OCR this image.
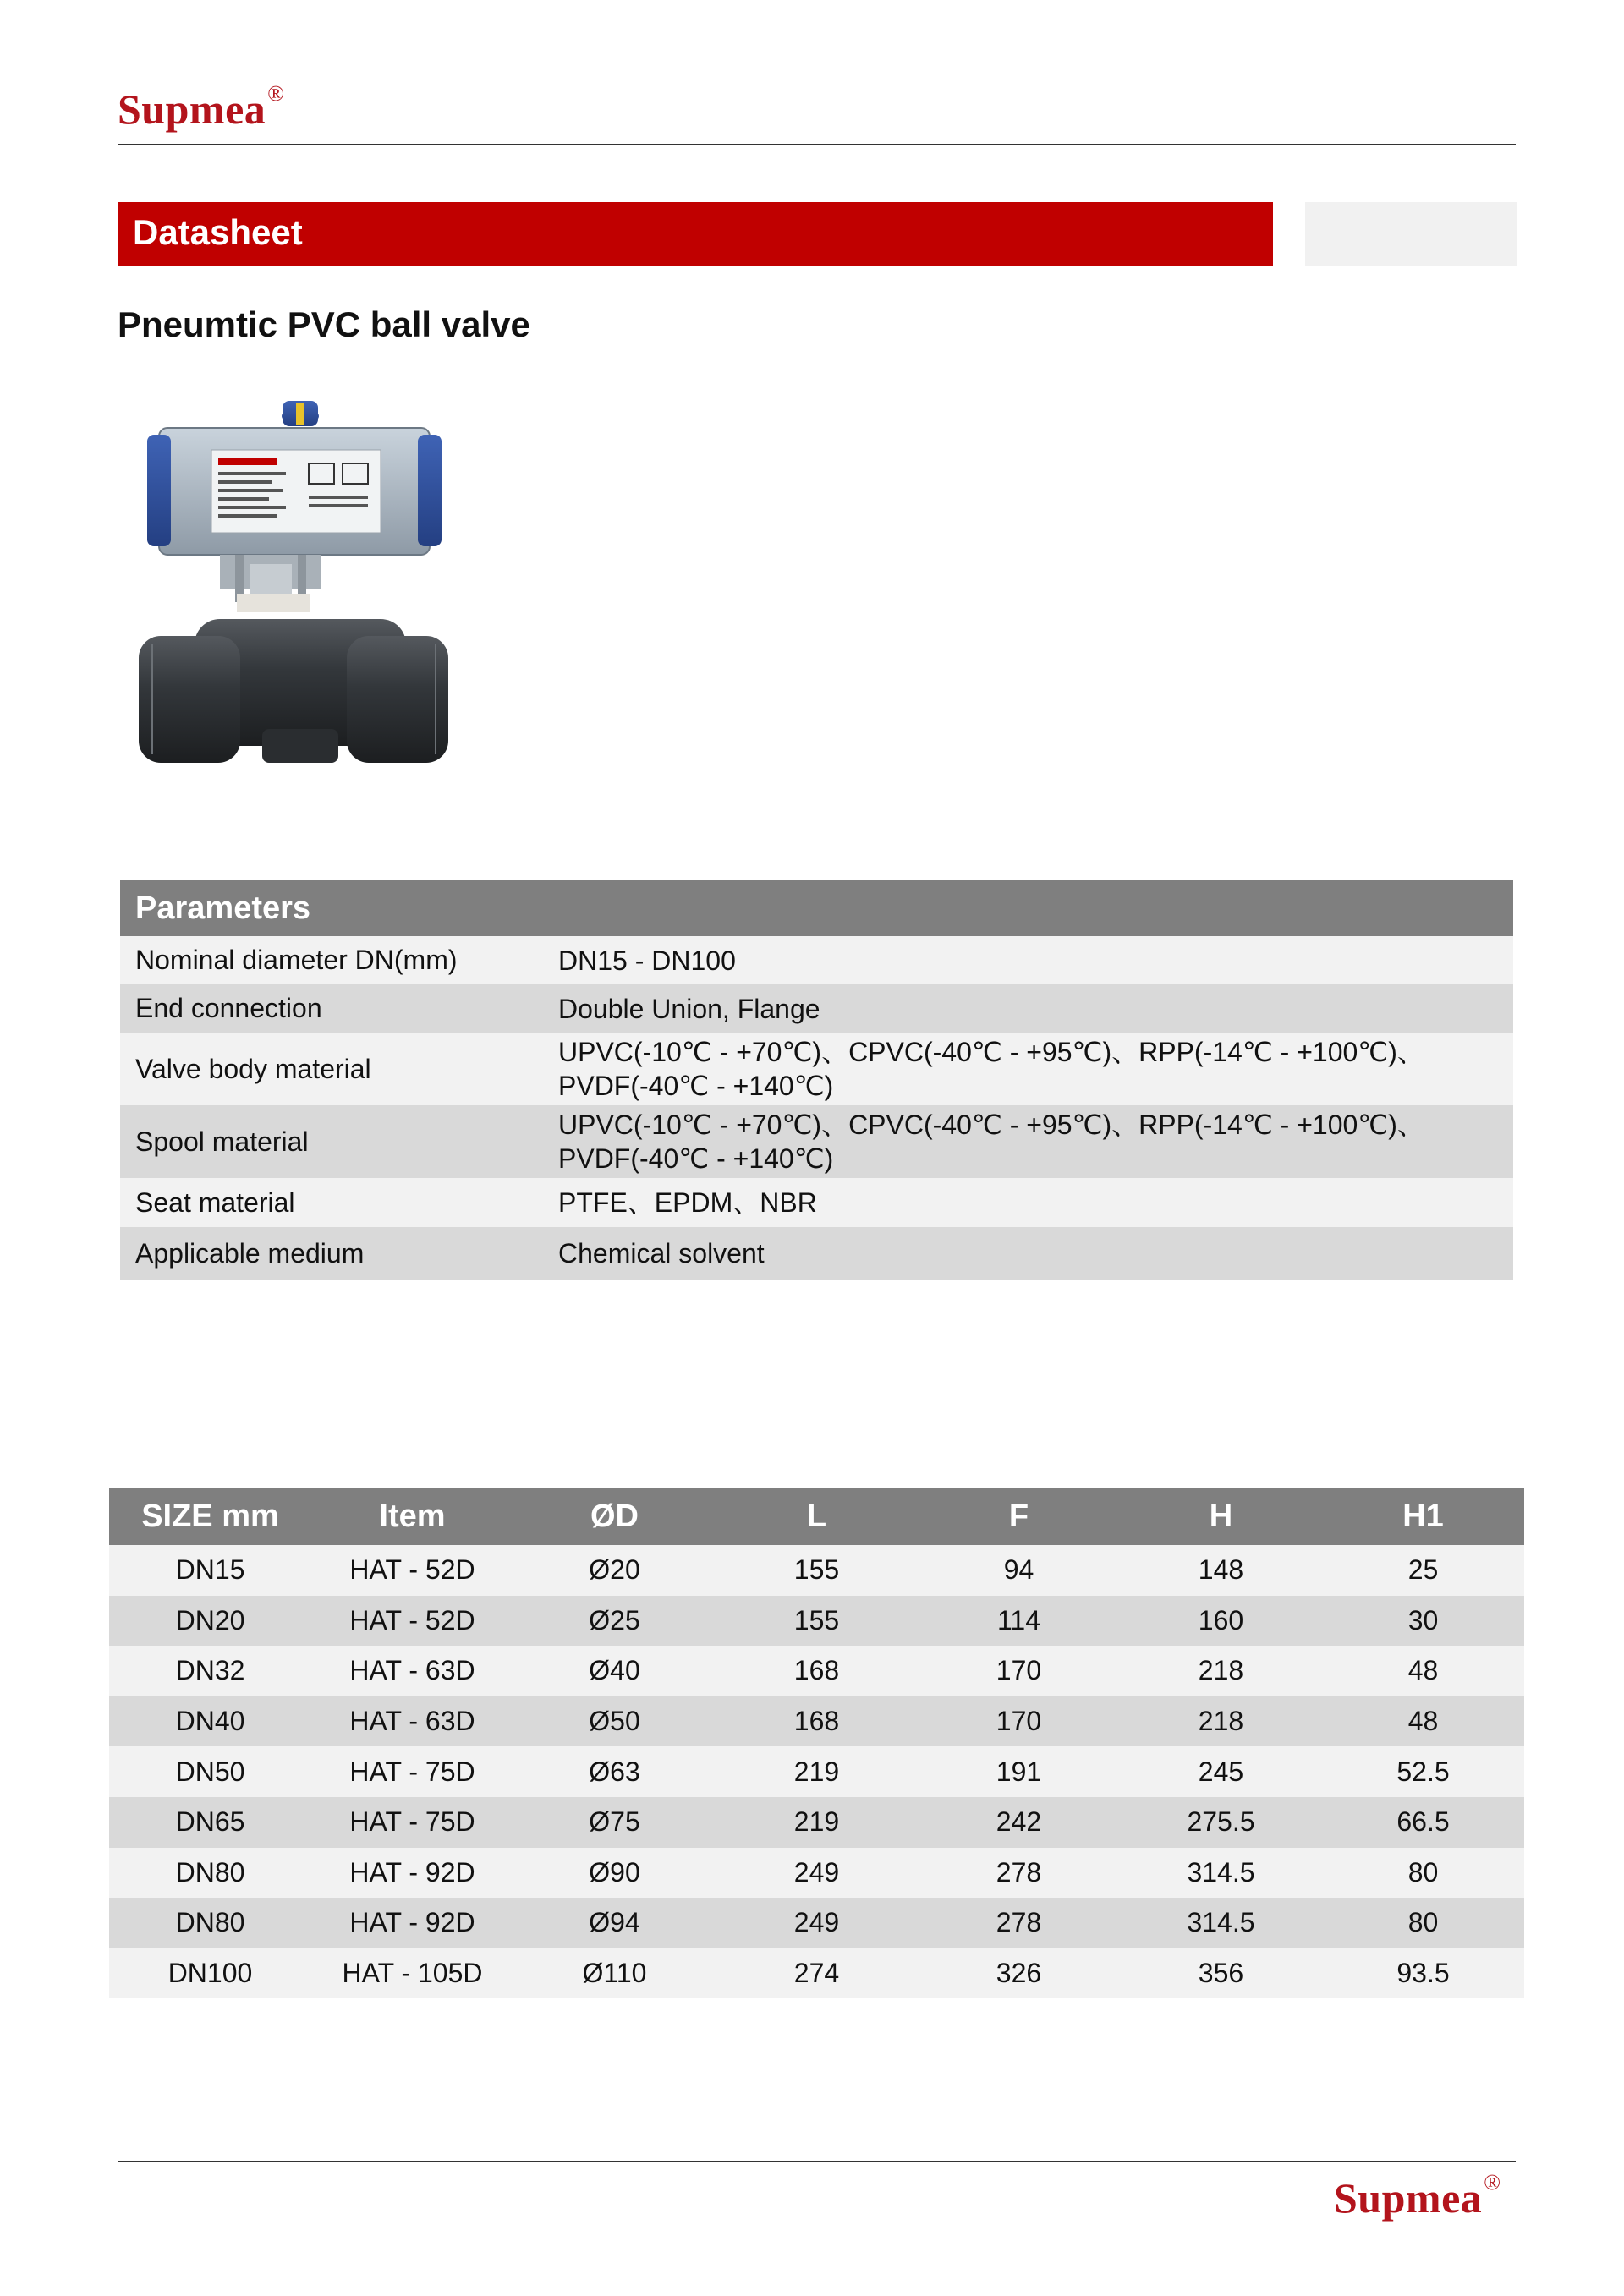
Supmea®
Datasheet
Pneumtic PVC ball valve
Parameters	
Nominal diameter DN(mm)	DN15 - DN100
End connection	Double Union, Flange
Valve body material	UPVC(-10℃ - +70℃)、CPVC(-40℃ - +95℃)、RPP(-14℃ - +100℃)、
PVDF(-40℃ - +140℃)

Spool material	UPVC(-10℃ - +70℃)、CPVC(-40℃ - +95℃)、RPP(-14℃ - +100℃)、
PVDF(-40℃ - +140℃)

Seat material	PTFE、EPDM、NBR
Applicable medium	Chemical solvent
SIZE mm	Item	ØD	L	F	H	H1
DN15	HAT - 52D	Ø20	155	94	148	25
DN20	HAT - 52D	Ø25	155	114	160	30
DN32	HAT - 63D	Ø40	168	170	218	48
DN40	HAT - 63D	Ø50	168	170	218	48
DN50	HAT - 75D	Ø63	219	191	245	52.5
DN65	HAT - 75D	Ø75	219	242	275.5	66.5
DN80	HAT - 92D	Ø90	249	278	314.5	80
DN80	HAT - 92D	Ø94	249	278	314.5	80
DN100	HAT - 105D	Ø110	274	326	356	93.5
Supmea®
